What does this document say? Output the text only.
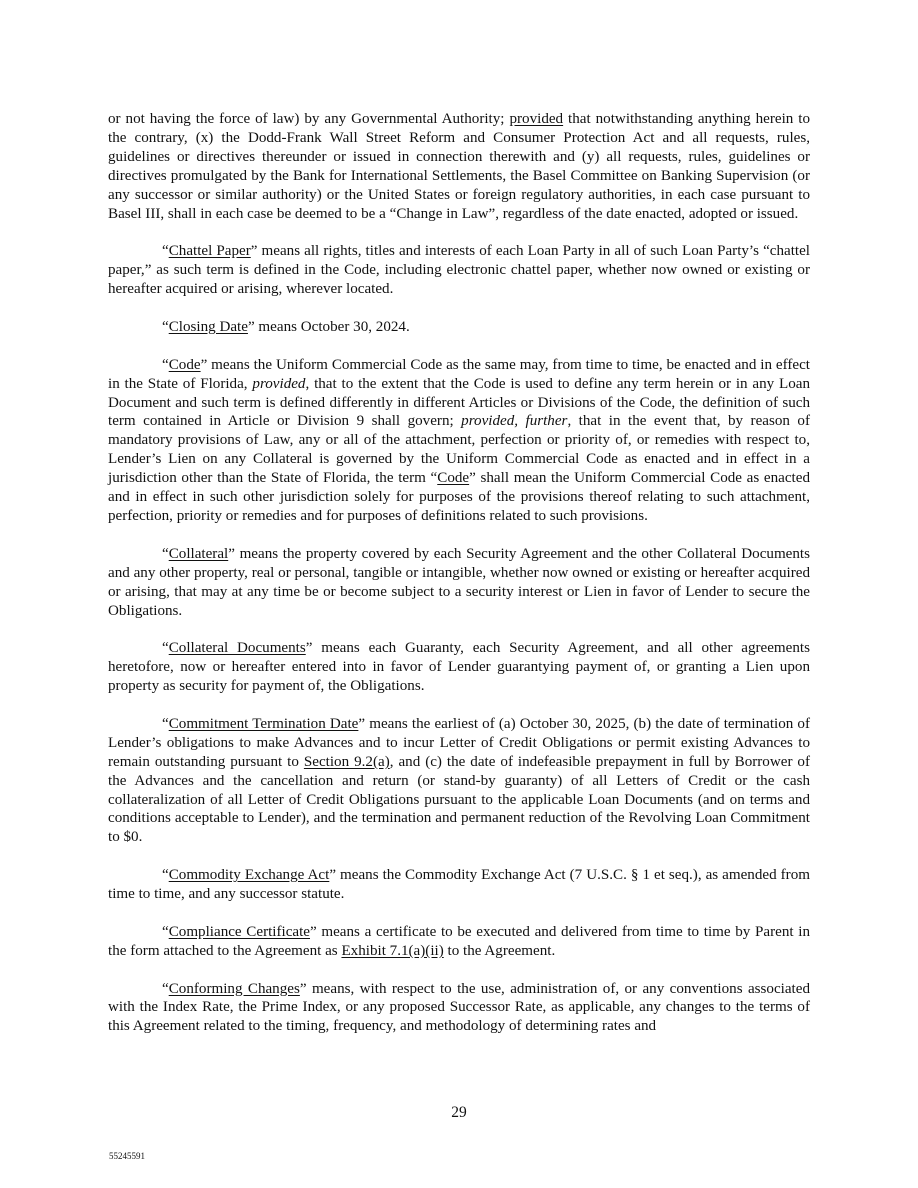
or not having the force of law) by any Governmental Authority; provided that notwithstanding anything herein to the contrary, (x) the Dodd-Frank Wall Street Reform and Consumer Protection Act and all requests, rules, guidelines or directives thereunder or issued in connection therewith and (y) all requests, rules, guidelines or directives promulgated by the Bank for International Settlements, the Basel Committee on Banking Supervision (or any successor or similar authority) or the United States or foreign regulatory authorities, in each case pursuant to Basel III, shall in each case be deemed to be a “Change in Law”, regardless of the date enacted, adopted or issued.

“Chattel Paper” means all rights, titles and interests of each Loan Party in all of such Loan Party’s “chattel paper,” as such term is defined in the Code, including electronic chattel paper, whether now owned or existing or hereafter acquired or arising, wherever located.

“Closing Date” means October 30, 2024.

“Code” means the Uniform Commercial Code as the same may, from time to time, be enacted and in effect in the State of Florida, provided, that to the extent that the Code is used to define any term herein or in any Loan Document and such term is defined differently in different Articles or Divisions of the Code, the definition of such term contained in Article or Division 9 shall govern; provided, further, that in the event that, by reason of mandatory provisions of Law, any or all of the attachment, perfection or priority of, or remedies with respect to, Lender’s Lien on any Collateral is governed by the Uniform Commercial Code as enacted and in effect in a jurisdiction other than the State of Florida, the term “Code” shall mean the Uniform Commercial Code as enacted and in effect in such other jurisdiction solely for purposes of the provisions thereof relating to such attachment, perfection, priority or remedies and for purposes of definitions related to such provisions.

“Collateral” means the property covered by each Security Agreement and the other Collateral Documents and any other property, real or personal, tangible or intangible, whether now owned or existing or hereafter acquired or arising, that may at any time be or become subject to a security interest or Lien in favor of Lender to secure the Obligations.

“Collateral Documents” means each Guaranty, each Security Agreement, and all other agreements heretofore, now or hereafter entered into in favor of Lender guarantying payment of, or granting a Lien upon property as security for payment of, the Obligations.

“Commitment Termination Date” means the earliest of (a) October 30, 2025, (b) the date of termination of Lender’s obligations to make Advances and to incur Letter of Credit Obligations or permit existing Advances to remain outstanding pursuant to Section 9.2(a), and (c) the date of indefeasible prepayment in full by Borrower of the Advances and the cancellation and return (or stand-by guaranty) of all Letters of Credit or the cash collateralization of all Letter of Credit Obligations pursuant to the applicable Loan Documents (and on terms and conditions acceptable to Lender), and the termination and permanent reduction of the Revolving Loan Commitment to $0.

“Commodity Exchange Act” means the Commodity Exchange Act (7 U.S.C. § 1 et seq.), as amended from time to time, and any successor statute.

“Compliance Certificate” means a certificate to be executed and delivered from time to time by Parent in the form attached to the Agreement as Exhibit 7.1(a)(ii) to the Agreement.

“Conforming Changes” means, with respect to the use, administration of, or any conventions associated with the Index Rate, the Prime Index, or any proposed Successor Rate, as applicable, any changes to the terms of this Agreement related to the timing, frequency, and methodology of determining rates and

29
55245591
